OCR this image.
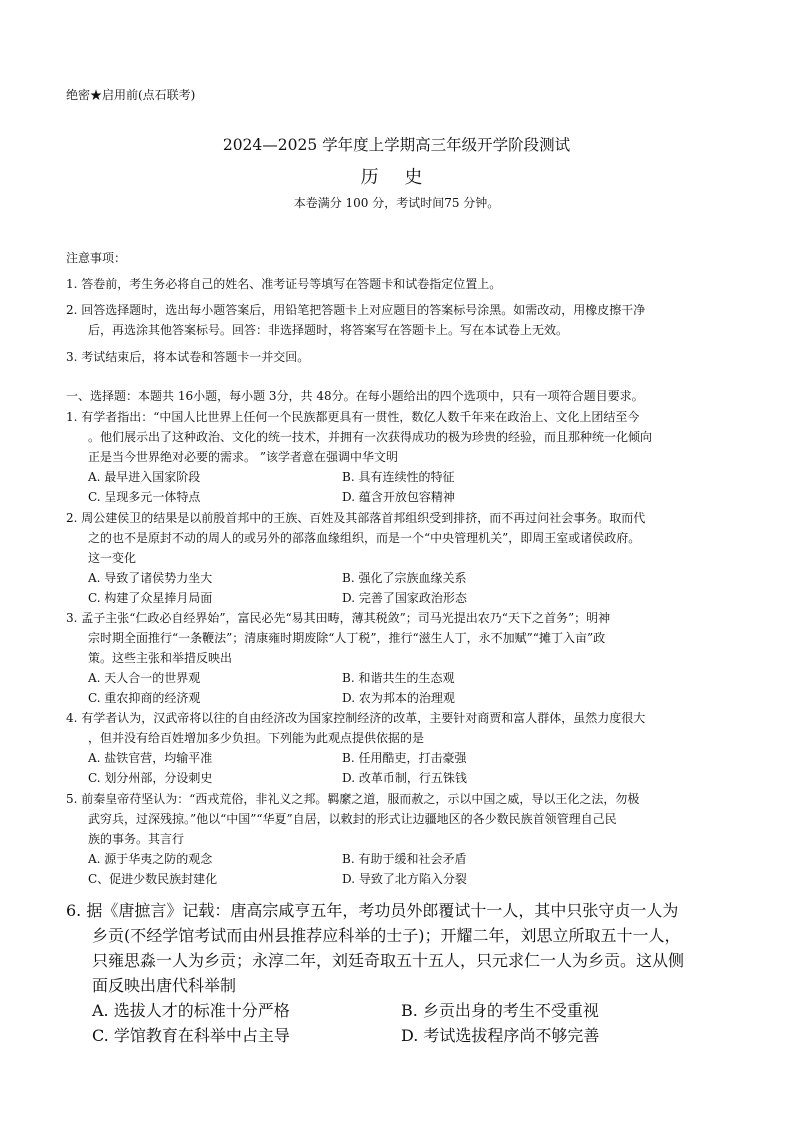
绝密★启用前(点石联考)
2024—2025 学年度上学期高三年级开学阶段测试
历 史
本卷满分 100 分，考试时间75 分钟。
注意事项：
1. 答卷前，考生务必将自己的姓名、准考证号等填写在答题卡和试卷指定位置上。
2. 回答选择题时，选出每小题答案后，用铅笔把答题卡上对应题目的答案标号涂黑。如需改动，用橡皮擦干净
后，再选涂其他答案标号。回答：非选择题时，将答案写在答题卡上。写在本试卷上无效。
3. 考试结束后，将本试卷和答题卡一并交回。
一、选择题：本题共 16小题，每小题 3分，共 48分。在每小题给出的四个选项中，只有一项符合题目要求。
1. 有学者指出：“中国人比世界上任何一个民族都更具有一贯性，数亿人数千年来在政治上、文化上团结至今
。他们展示出了这种政治、文化的统一技术，并拥有一次获得成功的极为珍贵的经验，而且那种统一化倾向
正是当今世界绝对必要的需求。 ”该学者意在强调中华文明
A. 最早进入国家阶段	B. 具有连续性的特征
C. 呈现多元一体特点	D. 蕴含开放包容精神
2. 周公建侯卫的结果是以前殷首邦中的王族、百姓及其部落首邦组织受到排挤，而不再过问社会事务。取而代
之的也不是原封不动的周人的或另外的部落血缘组织，而是一个“中央管理机关”，即周王室或诸侯政府。
这一变化
A. 导致了诸侯势力坐大	B. 强化了宗族血缘关系
C. 构建了众星捧月局面	D. 完善了国家政治形态
3. 孟子主张“仁政必自经界始”，富民必先“易其田畴，薄其税敛”；司马光提出农乃“天下之首务”；明神
宗时期全面推行“一条鞭法”；清康雍时期废除“人丁税”，推行“滋生人丁，永不加赋”“摊丁入亩”政
策。这些主张和举措反映出
A. 天人合一的世界观	B. 和谐共生的生态观
C. 重农抑商的经济观	D. 农为邦本的治理观
4. 有学者认为，汉武帝将以往的自由经济改为国家控制经济的改革，主要针对商贾和富人群体，虽然力度很大
，但并没有给百姓增加多少负担。下列能为此观点提供依据的是
A. 盐铁官营，均输平准	B. 任用酷吏，打击豪强
C. 划分州部，分设刺史	D. 改革币制，行五铢钱
5. 前秦皇帝苻坚认为：“西戎荒俗，非礼义之邦。羁縻之道，服而赦之，示以中国之威，导以王化之法，勿极
武穷兵，过深残掠。”他以“中国”“华夏”自居，以敕封的形式让边疆地区的各少数民族首领管理自己民
族的事务。其言行
A. 源于华夷之防的观念	B. 有助于缓和社会矛盾
C、促进少数民族封建化	D. 导致了北方陷入分裂
6. 据《唐摭言》记载：唐高宗咸亨五年，考功员外郎覆试十一人，其中只张守贞一人为
乡贡(不经学馆考试而由州县推荐应科举的士子)；开耀二年，刘思立所取五十一人，
只雍思淼一人为乡贡；永淳二年，刘廷奇取五十五人，只元求仁一人为乡贡。这从侧
面反映出唐代科举制
A. 选拔人才的标准十分严格	B. 乡贡出身的考生不受重视
C. 学馆教育在科举中占主导	D. 考试选拔程序尚不够完善
